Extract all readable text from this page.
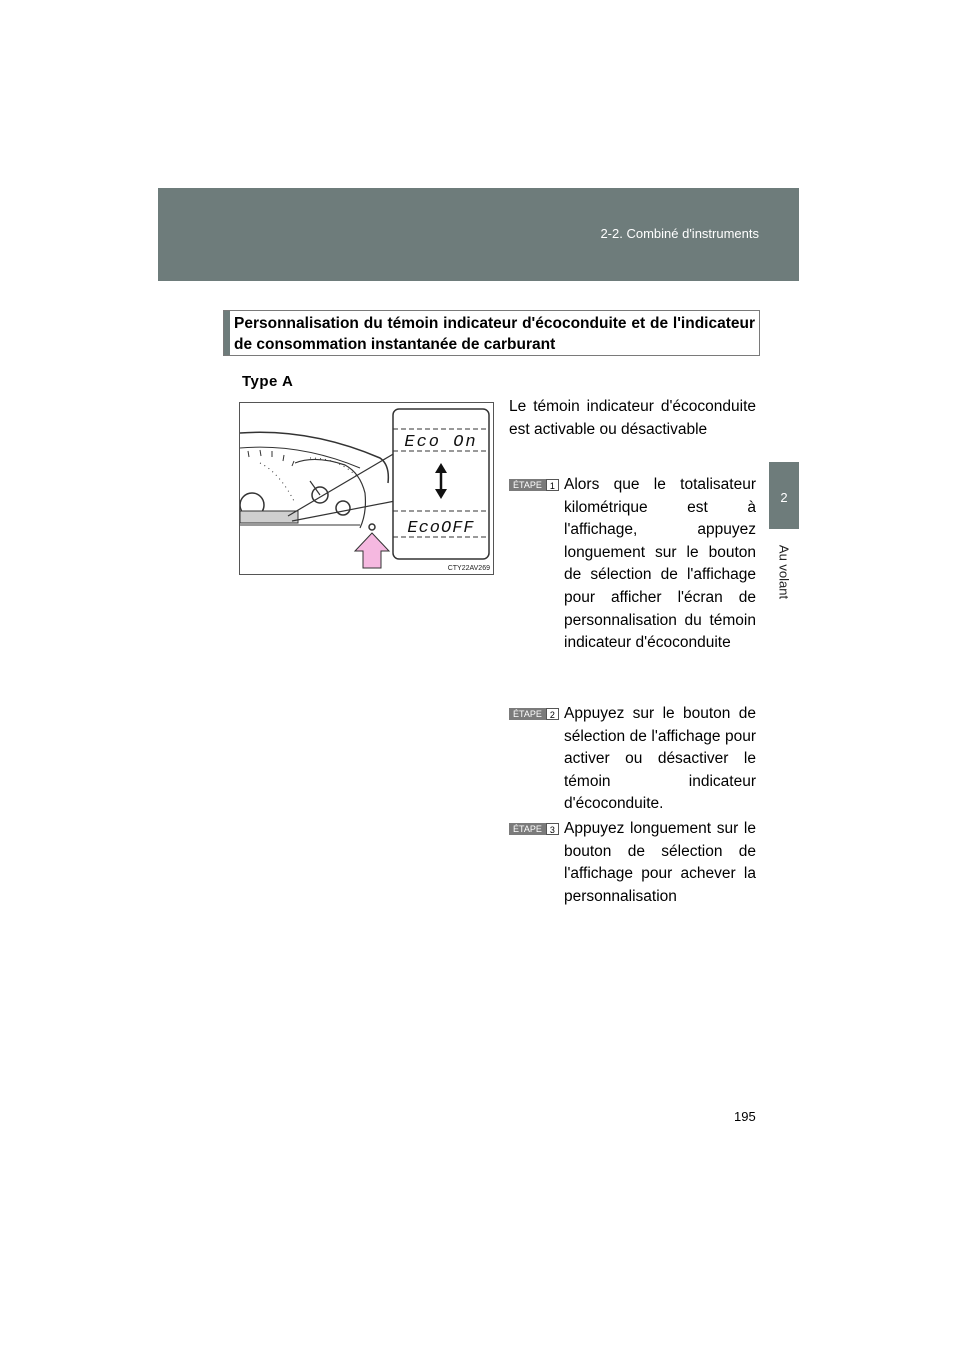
2-2. Combiné d'instruments
2
Au volant
Personnalisation du témoin indicateur d'écoconduite et de l'indicateur de consommation instantanée de carburant
Type A
Eco On
EcoOFF
CTY22AV269
Le témoin indicateur d'écoconduite est activable ou désactivable
ÉTAPE 1 Alors que le totalisateur kilométrique est à l'affichage, appuyez longuement sur le bouton de sélection de l'affichage pour afficher l'écran de personnalisation du témoin indicateur d'écoconduite
ÉTAPE 2 Appuyez sur le bouton de sélection de l'affichage pour activer ou désactiver le témoin indicateur d'écoconduite.
ÉTAPE 3 Appuyez longuement sur le bouton de sélection de l'affichage pour achever la personnalisation
195
